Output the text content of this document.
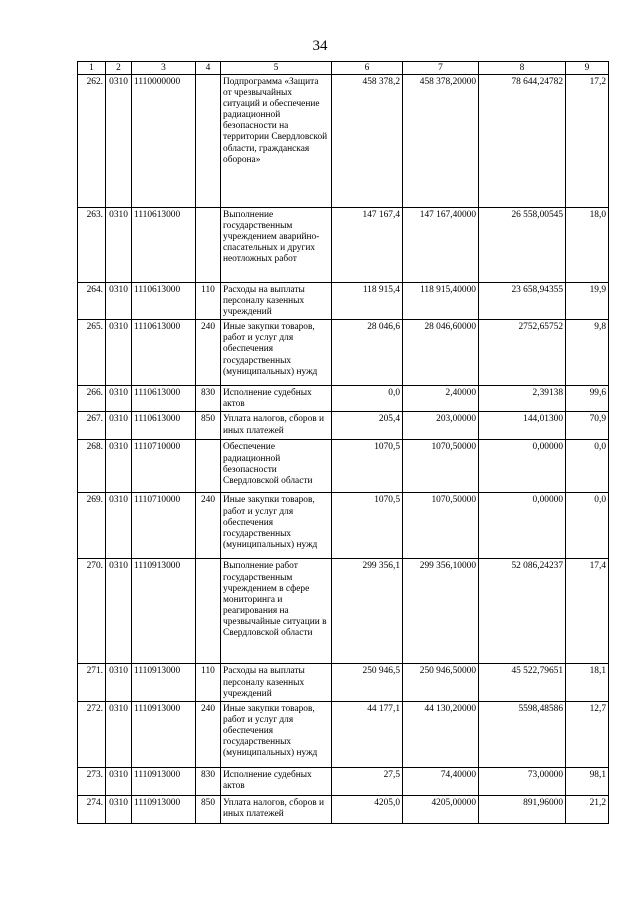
34
1	2	3	4	5	6	7	8	9
262.	0310	1110000000		Подпрограмма «Защита от чрезвычайных ситуаций и обеспечение радиационной безопасности на территории Свердловской области, гражданская оборона»	458 378,2	458 378,20000	78 644,24782	17,2
263.	0310	1110613000		Выполнение государственным учреждением аварийно-спасательных и других неотложных работ	147 167,4	147 167,40000	26 558,00545	18,0
264.	0310	1110613000	110	Расходы на выплаты персоналу казенных учреждений	118 915,4	118 915,40000	23 658,94355	19,9
265.	0310	1110613000	240	Иные закупки товаров, работ и услуг для обеспечения государственных (муниципальных) нужд	28 046,6	28 046,60000	2752,65752	9,8
266.	0310	1110613000	830	Исполнение судебных актов	0,0	2,40000	2,39138	99,6
267.	0310	1110613000	850	Уплата налогов, сборов и иных платежей	205,4	203,00000	144,01300	70,9
268.	0310	1110710000		Обеспечение радиационной безопасности Свердловской области	1070,5	1070,50000	0,00000	0,0
269.	0310	1110710000	240	Иные закупки товаров, работ и услуг для обеспечения государственных (муниципальных) нужд	1070,5	1070,50000	0,00000	0,0
270.	0310	1110913000		Выполнение работ государственным учреждением в сфере мониторинга и реагирования на чрезвычайные ситуации в Свердловской области	299 356,1	299 356,10000	52 086,24237	17,4
271.	0310	1110913000	110	Расходы на выплаты персоналу казенных учреждений	250 946,5	250 946,50000	45 522,79651	18,1
272.	0310	1110913000	240	Иные закупки товаров, работ и услуг для обеспечения государственных (муниципальных) нужд	44 177,1	44 130,20000	5598,48586	12,7
273.	0310	1110913000	830	Исполнение судебных актов	27,5	74,40000	73,00000	98,1
274.	0310	1110913000	850	Уплата налогов, сборов и иных платежей	4205,0	4205,00000	891,96000	21,2
